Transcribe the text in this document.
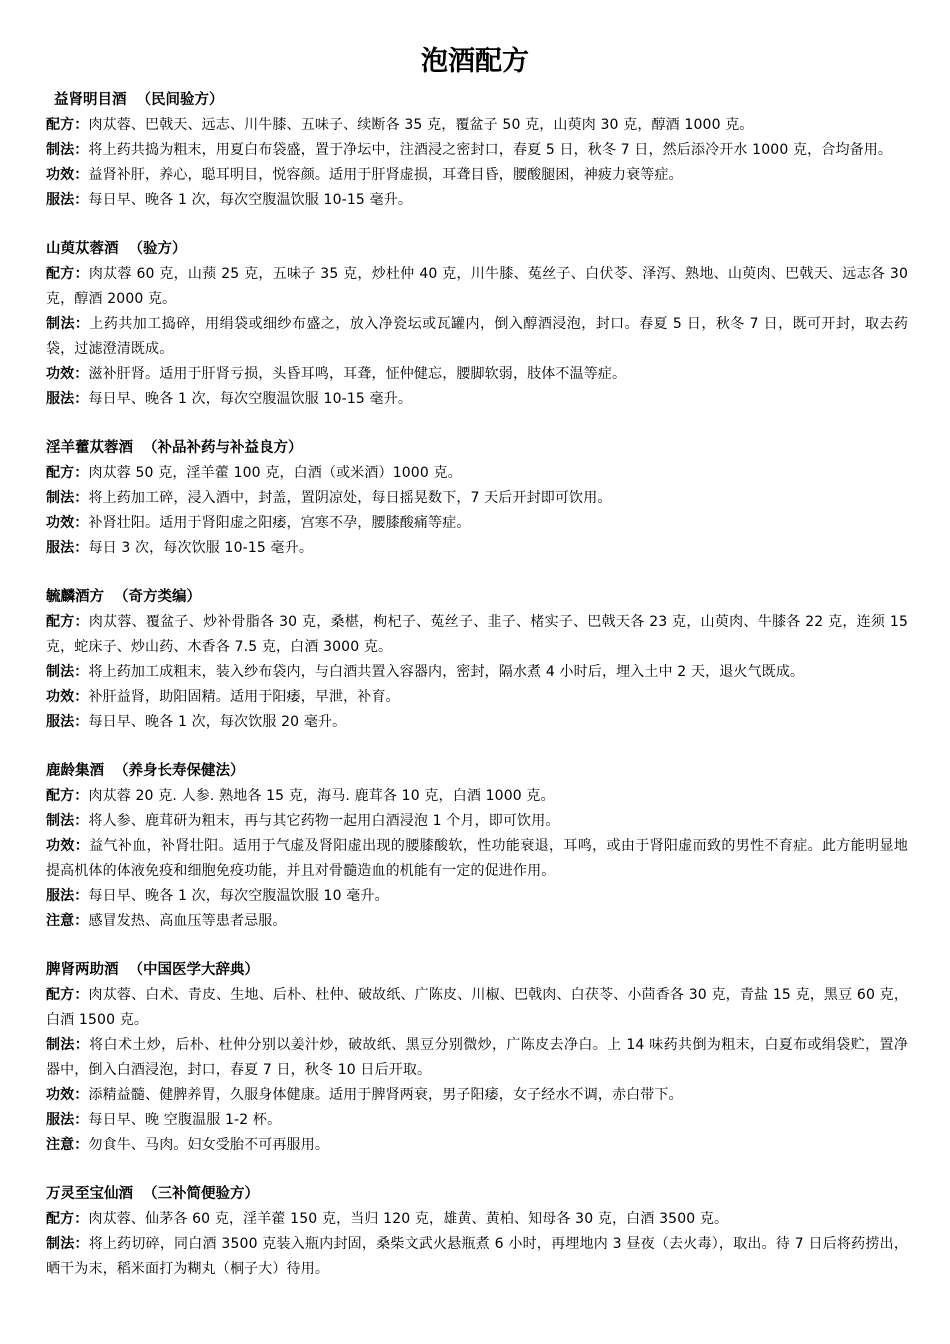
泡酒配方

益肾明目酒 （民间验方）

配方：肉苁蓉、巴戟天、远志、川牛膝、五味子、续断各 35 克，覆盆子 50 克，山萸肉 30 克，醇酒 1000 克。

制法：将上药共捣为粗末，用夏白布袋盛，置于净坛中，注酒浸之密封口，春夏 5 日，秋冬 7 日，然后添冷开水 1000 克，合均备用。

功效：益肾补肝，养心，聪耳明目，悦容颜。适用于肝肾虚损，耳聋目昏，腰酸腿困，神疲力衰等症。

服法：每日早、晚各 1 次，每次空腹温饮服 10-15 毫升。

山萸苁蓉酒 （验方）

配方：肉苁蓉 60 克，山蓣 25 克，五味子 35 克，炒杜仲 40 克，川牛膝、菟丝子、白伏苓、泽泻、熟地、山萸肉、巴戟天、远志各 30 克，醇酒 2000 克。

制法：上药共加工捣碎，用绢袋或细纱布盛之，放入净瓷坛或瓦罐内，倒入醇酒浸泡，封口。春夏 5 日，秋冬 7 日，既可开封，取去药袋，过滤澄清既成。

功效：滋补肝肾。适用于肝肾亏损，头昏耳鸣，耳聋，怔仲健忘，腰脚软弱，肢体不温等症。

服法：每日早、晚各 1 次，每次空腹温饮服 10-15 毫升。

淫羊藿苁蓉酒 （补品补药与补益良方）

配方：肉苁蓉 50 克，淫羊藿 100 克，白酒（或米酒）1000 克。

制法：将上药加工碎，浸入酒中，封盖，置阴凉处，每日摇晃数下，7 天后开封即可饮用。

功效：补肾壮阳。适用于肾阳虚之阳痿，宫寒不孕，腰膝酸痛等症。

服法：每日 3 次，每次饮服 10-15 毫升。

毓麟酒方 （奇方类编）

配方：肉苁蓉、覆盆子、炒补骨脂各 30 克，桑椹，枸杞子、菟丝子、韭子、楮实子、巴戟天各 23 克，山萸肉、牛膝各 22 克，连须 15 克，蛇床子、炒山药、木香各 7.5 克，白酒 3000 克。

制法：将上药加工成粗末，装入纱布袋内，与白酒共置入容器内，密封，隔水煮 4 小时后，埋入土中 2 天，退火气既成。

功效：补肝益肾，助阳固精。适用于阳痿，早泄，补育。

服法：每日早、晚各 1 次，每次饮服 20 毫升。

鹿龄集酒 （养身长寿保健法）

配方：肉苁蓉 20 克. 人参. 熟地各 15 克，海马. 鹿茸各 10 克，白酒 1000 克。

制法：将人参、鹿茸研为粗末，再与其它药物一起用白酒浸泡 1 个月，即可饮用。

功效：益气补血，补肾壮阳。适用于气虚及肾阳虚出现的腰膝酸软，性功能衰退，耳鸣，或由于肾阳虚而致的男性不育症。此方能明显地提高机体的体液免疫和细胞免疫功能，并且对骨髓造血的机能有一定的促进作用。

服法：每日早、晚各 1 次，每次空腹温饮服 10 毫升。

注意：感冒发热、高血压等患者忌服。

脾肾两助酒 （中国医学大辞典）

配方：肉苁蓉、白术、青皮、生地、后朴、杜仲、破故纸、广陈皮、川椒、巴戟肉、白茯苓、小茴香各 30 克，青盐 15 克，黑豆 60 克，白酒 1500 克。

制法：将白术土炒，后朴、杜仲分别以姜汁炒，破故纸、黑豆分别微炒，广陈皮去净白。上 14 味药共倒为粗末，白夏布或绢袋贮，置净器中，倒入白酒浸泡，封口，春夏 7 日，秋冬 10 日后开取。

功效：添精益髓、健脾养胃，久服身体健康。适用于脾肾两衰，男子阳痿，女子经水不调，赤白带下。

服法：每日早、晚 空腹温服 1-2 杯。

注意：勿食牛、马肉。妇女受胎不可再服用。

万灵至宝仙酒 （三补简便验方）

配方：肉苁蓉、仙茅各 60 克，淫羊藿 150 克，当归 120 克，雄黄、黄柏、知母各 30 克，白酒 3500 克。

制法：将上药切碎，同白酒 3500 克装入瓶内封固，桑柴文武火悬瓶煮 6 小时，再埋地内 3 昼夜（去火毒），取出。待 7 日后将药捞出，晒干为末，稻米面打为糊丸（桐子大）待用。
